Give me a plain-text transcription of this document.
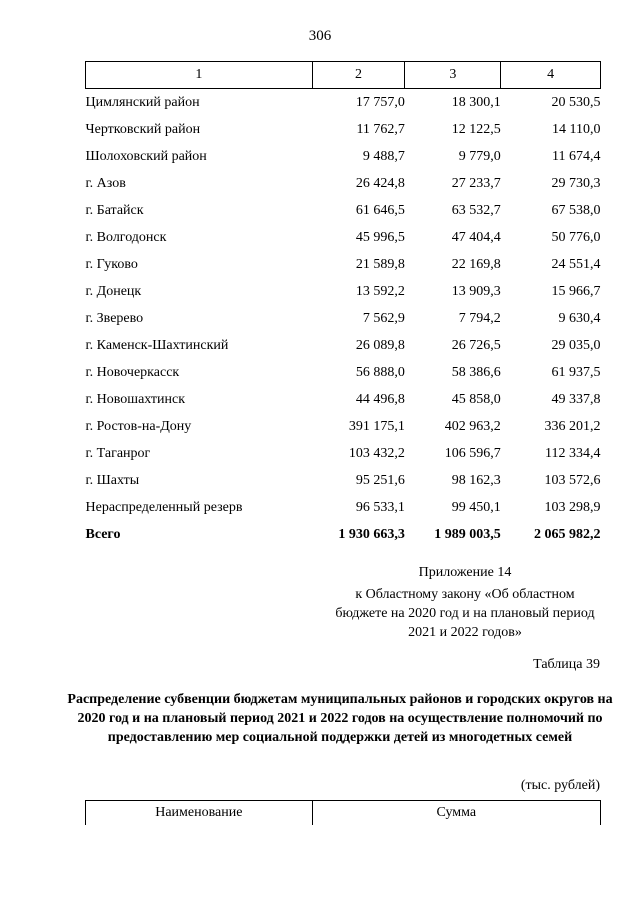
306
1	2	3	4
Цимлянский район	17 757,0	18 300,1	20 530,5
Чертковский район	11 762,7	12 122,5	14 110,0
Шолоховский район	9 488,7	9 779,0	11 674,4
г. Азов	26 424,8	27 233,7	29 730,3
г. Батайск	61 646,5	63 532,7	67 538,0
г. Волгодонск	45 996,5	47 404,4	50 776,0
г. Гуково	21 589,8	22 169,8	24 551,4
г. Донецк	13 592,2	13 909,3	15 966,7
г. Зверево	7 562,9	7 794,2	9 630,4
г. Каменск-Шахтинский	26 089,8	26 726,5	29 035,0
г. Новочеркасск	56 888,0	58 386,6	61 937,5
г. Новошахтинск	44 496,8	45 858,0	49 337,8
г. Ростов-на-Дону	391 175,1	402 963,2	336 201,2
г. Таганрог	103 432,2	106 596,7	112 334,4
г. Шахты	95 251,6	98 162,3	103 572,6
Нераспределенный резерв	96 533,1	99 450,1	103 298,9
Всего	1 930 663,3	1 989 003,5	2 065 982,2
Приложение 14
к Областному закону «Об областном бюджете на 2020 год и на плановый период 2021 и 2022 годов»
Таблица 39
Распределение субвенции бюджетам муниципальных районов и городских округов на 2020 год и на плановый период 2021 и 2022 годов на осуществление полномочий по предоставлению мер социальной поддержки детей из многодетных семей
(тыс. рублей)
Наименование	Сумма
